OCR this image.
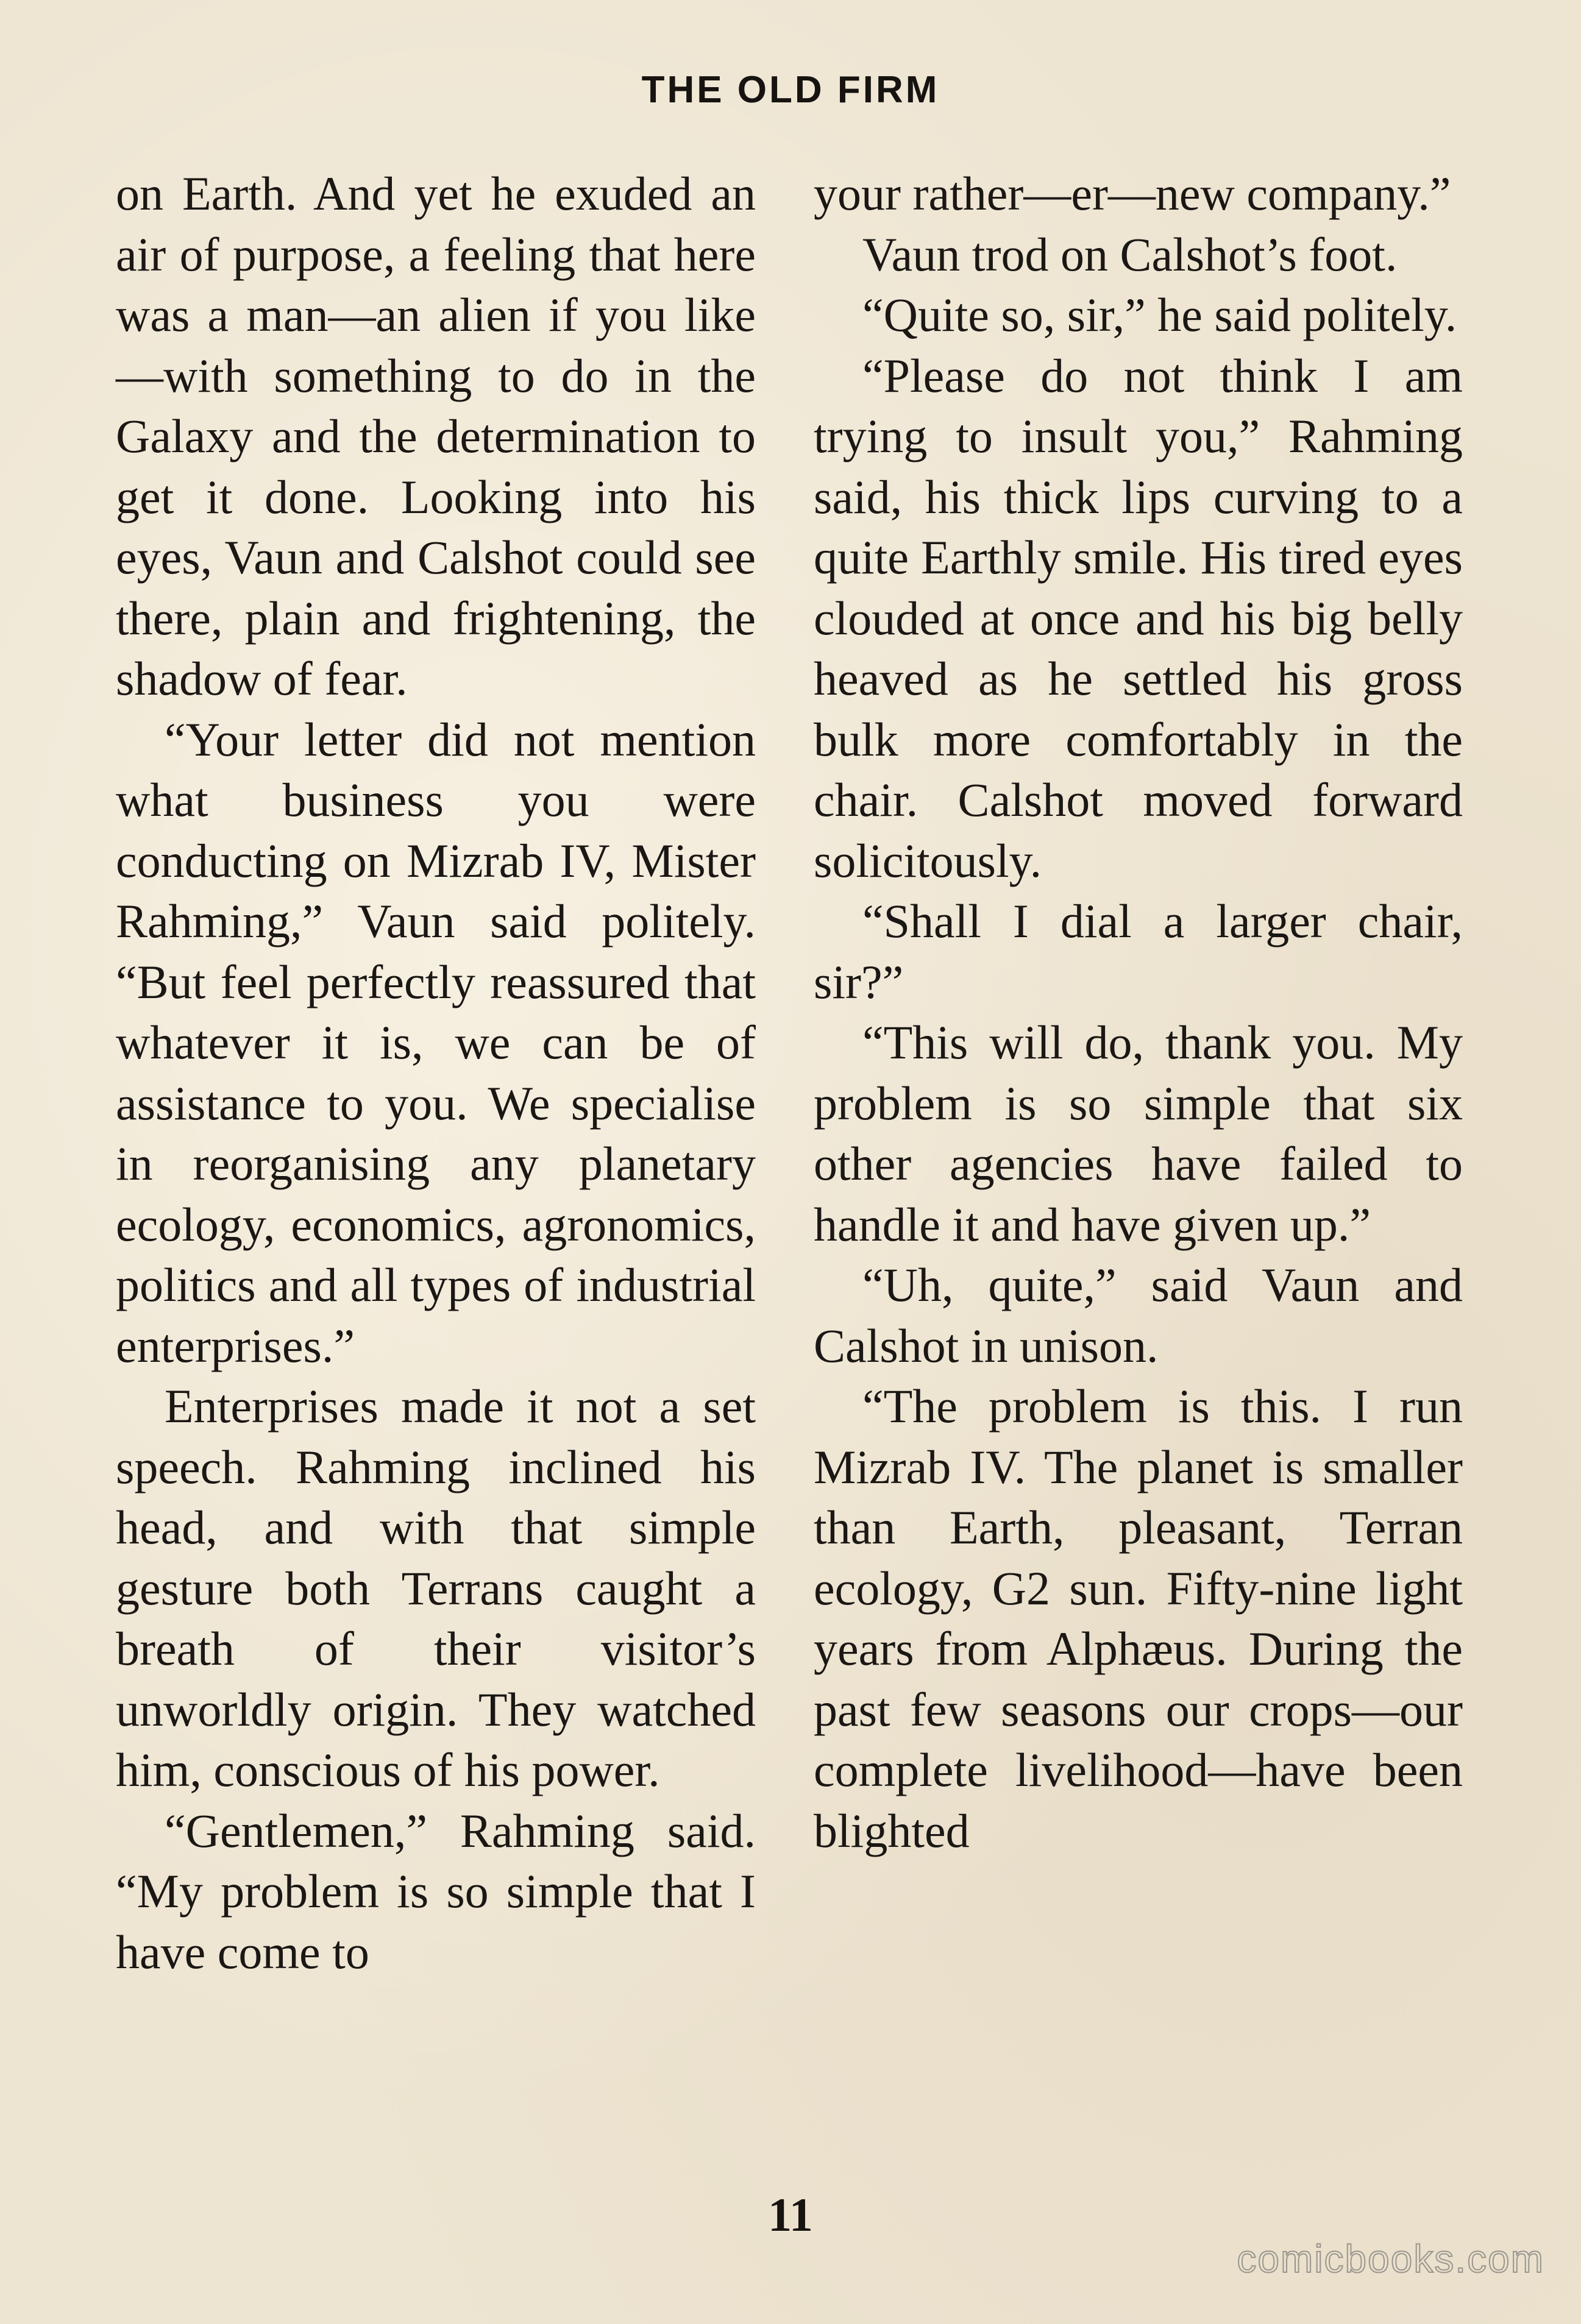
THE OLD FIRM

on Earth. And yet he exuded an air of purpose, a feeling that here was a man—an alien if you like—with something to do in the Galaxy and the determination to get it done. Looking into his eyes, Vaun and Calshot could see there, plain and frightening, the shadow of fear.

“Your letter did not mention what business you were conducting on Mizrab IV, Mister Rahming,” Vaun said politely. “But feel perfectly reassured that whatever it is, we can be of assistance to you. We specialise in reorganising any planetary ecology, economics, agronomics, politics and all types of industrial enterprises.”

Enterprises made it not a set speech. Rahming inclined his head, and with that simple gesture both Terrans caught a breath of their visitor’s unworldly origin. They watched him, conscious of his power.

“Gentlemen,” Rahming said. “My problem is so simple that I have come to

your rather—er—new company.”

Vaun trod on Calshot’s foot.

“Quite so, sir,” he said politely.

“Please do not think I am trying to insult you,” Rahming said, his thick lips curving to a quite Earthly smile. His tired eyes clouded at once and his big belly heaved as he settled his gross bulk more comfortably in the chair. Calshot moved forward solicitously.

“Shall I dial a larger chair, sir?”

“This will do, thank you. My problem is so simple that six other agencies have failed to handle it and have given up.”

“Uh, quite,” said Vaun and Calshot in unison.

“The problem is this. I run Mizrab IV. The planet is smaller than Earth, pleasant, Terran ecology, G2 sun. Fifty-nine light years from Alphæus. During the past few seasons our crops—our complete livelihood—have been blighted

11
comicbooks.com
